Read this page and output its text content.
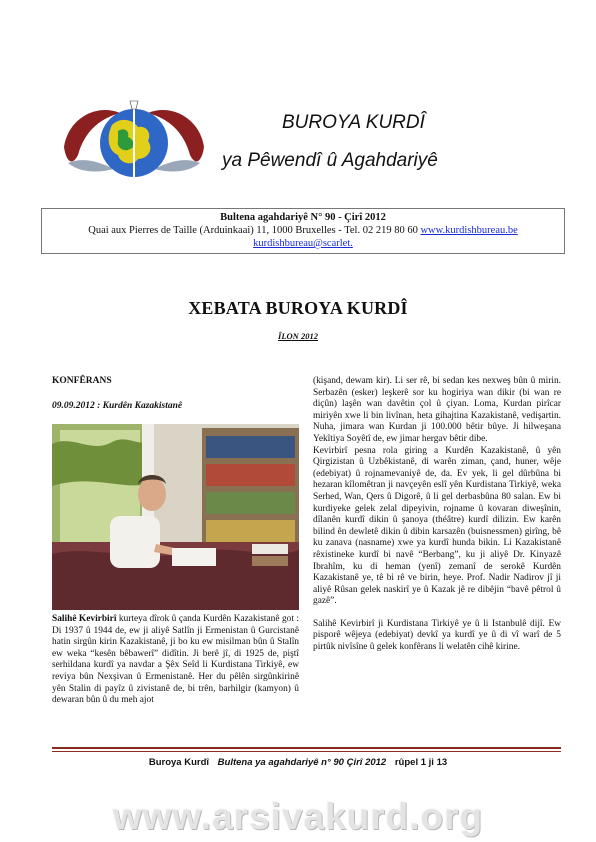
BUROYA KURDÎ
ya Pêwendî û Agahdariyê
Bultena agahdariyê N° 90 - Çirî 2012
Quai aux Pierres de Taille (Arduinkaai) 11, 1000 Bruxelles - Tel. 02 219 80 60 www.kurdishbureau.be
kurdishbureau@scarlet.
XEBATA BUROYA KURDÎ
ÎLON 2012
KONFÊRANS
09.09.2012 : Kurdên Kazakistanê

Salihê Kevirbirî kurteya dîrok û çanda Kurdên Kazakistanê got : Di 1937 û 1944 de, ew ji aliyê Satlîn ji Ermenistan û Gurcistanê hatin sirgûn kirin Kazakistanê, ji bo ku ew misilman bûn û Stalîn ew weka “kesên bêbawerî” didîtin. Ji berê jî, di 1925 de, piştî serhildana kurdî ya navdar a Şêx Seîd li Kurdistana Tirkiyê, ew reviya bûn Nexşivan û Ermenistanê. Her du pêlên sirgûnkirinê yên Stalin di payîz û zivistanê de, bi trên, barhilgir (kamyon) û dewaran bûn û du meh ajot

(kişand, dewam kir). Li ser rê, bi sedan kes nexweş bûn û mirin. Serbazên (esker) leşkerê sor ku hogiriya wan dikir (bi wan re diçûn) laşên wan davêtin çol û çiyan. Loma, Kurdan pirîcar miriyên xwe li bin livînan, heta gihajtina Kazakistanê, vedişartin. Nuha, jimara wan Kurdan ji 100.000 bêtir bûye. Ji hilweşana Yekîtiya Soyêtî de, ew jimar hergav bêtir dibe.

Kevirbirî pesna rola giring a Kurdên Kazakistanê, û yên Qirgizistan û Uzbêkistanê, di warên ziman, çand, huner, wêje (edebiyat) û rojnamevaniyê de, da. Ev yek, li gel dûrbûna bi hezaran kîlomêtran ji navçeyên eslî yên Kurdistana Tirkiyê, weka Serhed, Wan, Qers û Digorê, û li gel derbasbûna 80 salan. Ew bi kurdiyeke gelek zelal dipeyivin, rojname û kovaran diweşînin, dîlanên kurdî dikin û şanoya (théâtre) kurdî dilizin. Ew karên bilind ên dewletê dikin û dibin karsazên (buisnessmen) girîng, bê ku zanava (nasname) xwe ya kurdî hunda bikin. Li Kazakistanê rêxistineke kurdî bi navê “Berbang”, ku ji aliyê Dr. Kinyazê Ibrahîm, ku di heman (yenî) zemanî de serokê Kurdên Kazakistanê ye, tê bi rê ve birin, heye. Prof. Nadir Nadirov jî ji aliyê Rûsan gelek naskirî ye û Kazak jê re dibêjin “bavê pêtrol û gazê”.

Salihê Kevirbirî ji Kurdistana Tirkiyê ye û li Istanbulê dijî. Ew pisporê wêjeya (edebiyat) devkî ya kurdî ye û di vî warî de 5 pirtûk nivîsîne û gelek konfêrans li welatên cihê kirine.

Buroya Kurdî Bultena ya agahdariyê n° 90 Çirî 2012 rûpel 1 ji 13
www.arsivakurd.org
